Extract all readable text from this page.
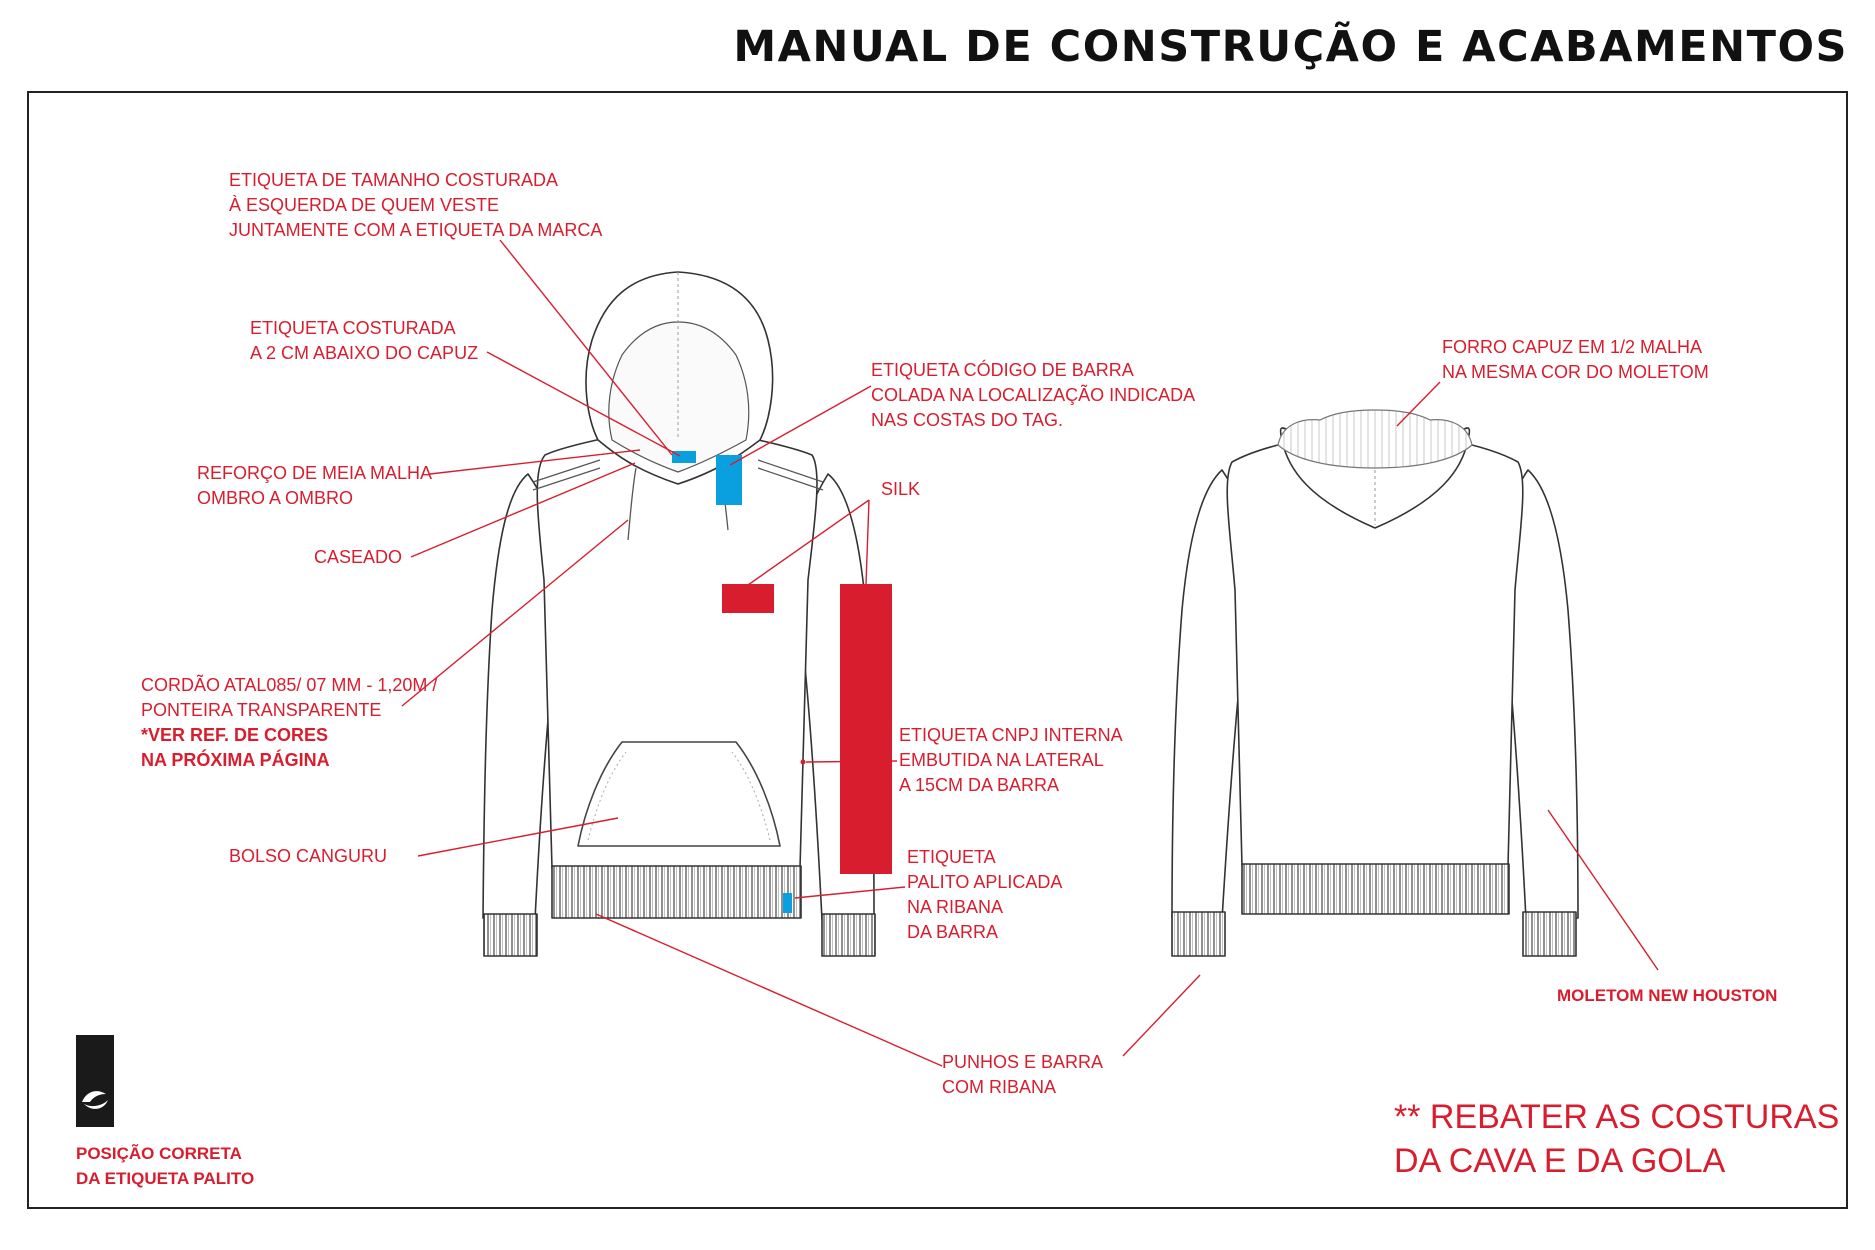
MANUAL DE CONSTRUÇÃO E ACABAMENTOS
ETIQUETA DE TAMANHO COSTURADA
À ESQUERDA DE QUEM VESTE
JUNTAMENTE COM A ETIQUETA DA MARCA
ETIQUETA COSTURADA
A 2 CM ABAIXO DO CAPUZ
REFORÇO DE MEIA MALHA
OMBRO A OMBRO
CASEADO
CORDÃO ATAL085/ 07 MM - 1,20M /
PONTEIRA TRANSPARENTE
*VER REF. DE CORES
NA PRÓXIMA PÁGINA
BOLSO CANGURU
ETIQUETA CÓDIGO DE BARRA
COLADA NA LOCALIZAÇÃO INDICADA
NAS COSTAS DO TAG.
SILK
ETIQUETA CNPJ INTERNA
EMBUTIDA NA LATERAL
A 15CM DA BARRA
ETIQUETA
PALITO APLICADA
NA RIBANA
DA BARRA
PUNHOS E BARRA
COM RIBANA
FORRO CAPUZ EM 1/2 MALHA
NA MESMA COR DO MOLETOM
MOLETOM NEW HOUSTON
POSIÇÃO CORRETA
DA ETIQUETA PALITO
** REBATER AS COSTURAS
DA CAVA E DA GOLA
